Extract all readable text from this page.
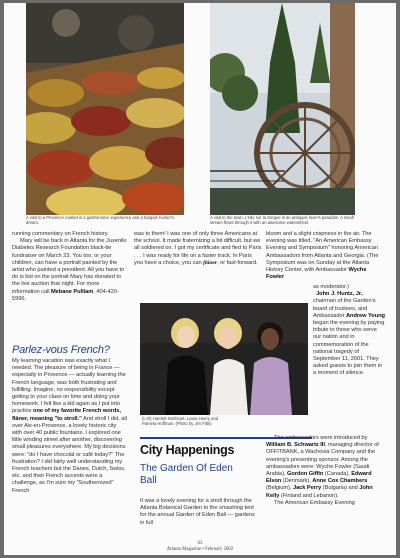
A visit to a Provence market is a gastronomic experience and a bargain hunter's dream.
A visit to the town, L'Isle sur la Sorgue is an antiques lover's paradise. A small stream flows through it with an awesome waterwheel.

running commentary on French history.

Mary will be back in Atlanta for the Juvenile Diabetes Research Foundation black-tie fundraiser on March 23. You too, or your children, can have a portrait painted by the artist who painted a president. All you have to do is bid on the portrait Mary has donated to the live auction that night. For more information call Mebane Pulliam, 404-420-5996.

Parlez-vous French?

My learning vacation was exactly what I needed. The pleasure of being in France — especially in Provence — actually learning the French language, was both frustrating and fulfilling. Imagine, no responsibility except getting to your class on time and doing your homework. I felt like a kid again as I put into practice one of my favorite French words, flâner, meaning "to stroll." And stroll I did, all over Aix-en-Provence, a lovely historic city with over 40 public fountains. I explored one little winding street after another, discovering small pleasures everywhere. My big decisions were: "do I have chocolat or café today?" The frustration? I did fairly well understanding my French teachers but the Danes, Dutch, Swiss, etc. and their French accents were a challenge, as I'm sure my "Southernized" French

was to them! I was one of only three Americans at the school. It made fraternizing a bit difficult, but we all soldiered on. I got my certificate and fled to Paris . . . I was ready for life on a faster track. In Paris you have a choice, you can flâner, or fast-forward.

(L-R) Harriett Northcutt, Laura Heery and Pamela Hoffman. (Photo by Jim Fitts)
City Happenings
The Garden Of Eden Ball

It was a lovely evening for a stroll through the Atlanta Botanical Garden to the smashing tent for the annual Garden of Eden Ball — gardens in full

bloom and a slight crispness in the air. The evening was titled, "An American Embassy Evening and Symposium" honoring American Ambassadors from Atlanta and Georgia. (The Symposium was on Sunday at the Atlanta History Center, with Ambassador Wyche Fowler
as moderator.)
John J. Huntz, Jr., chairman of the Garden's board of trustees, and Ambassador Andrew Young began the evening by paying tribute to those who serve our nation and in commemoration of the national tragedy of September 11, 2001. They asked guests to join them in a moment of silence.

The ambassadors were introduced by William B. Schwartz III, managing director of OFFITBANK, a Wachovia Company and the evening's presenting sponsor. Among the ambassadors were: Wyche Fowler (Saudi Arabia), Gordon Giffin (Canada), Edward Elson (Denmark), Anne Cox Chambers (Belgium), Jack Perry (Bulgaria) and John Kelly (Finland and Lebanon).

The American Embassy Evening

63
Atlanta Magazine • February 2002
